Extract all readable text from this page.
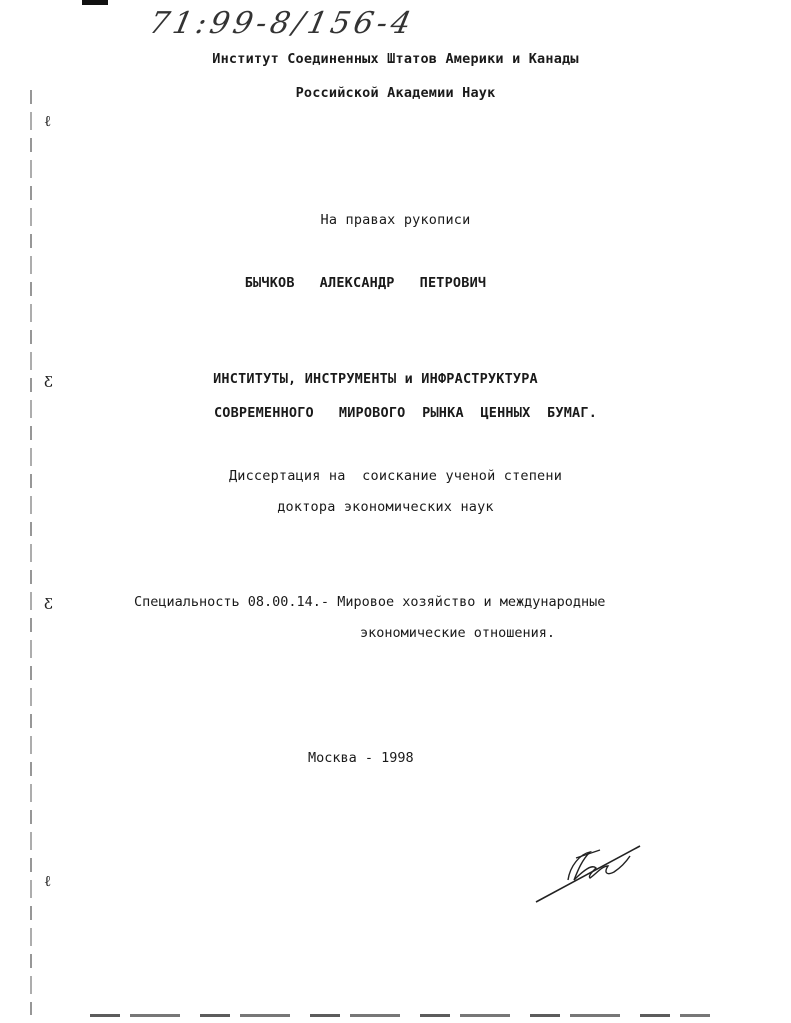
ℓ
ƹ
ƹ
ℓ
71:99-8/156-4
Институт Соединенных Штатов Америки и Канады
Российской Академии Наук
На правах рукописи
БЫЧКОВ   АЛЕКСАНДР   ПЕТРОВИЧ
ИНСТИТУТЫ, ИНСТРУМЕНТЫ и ИНФРАСТРУКТУРА
СОВРЕМЕННОГО   МИРОВОГО  РЫНКА  ЦЕННЫХ  БУМАГ.
Диссертация на  соискание ученой степени
доктора экономических наук
Специальность 08.00.14.- Мировое хозяйство и международные
экономические отношения.
Москва - 1998
